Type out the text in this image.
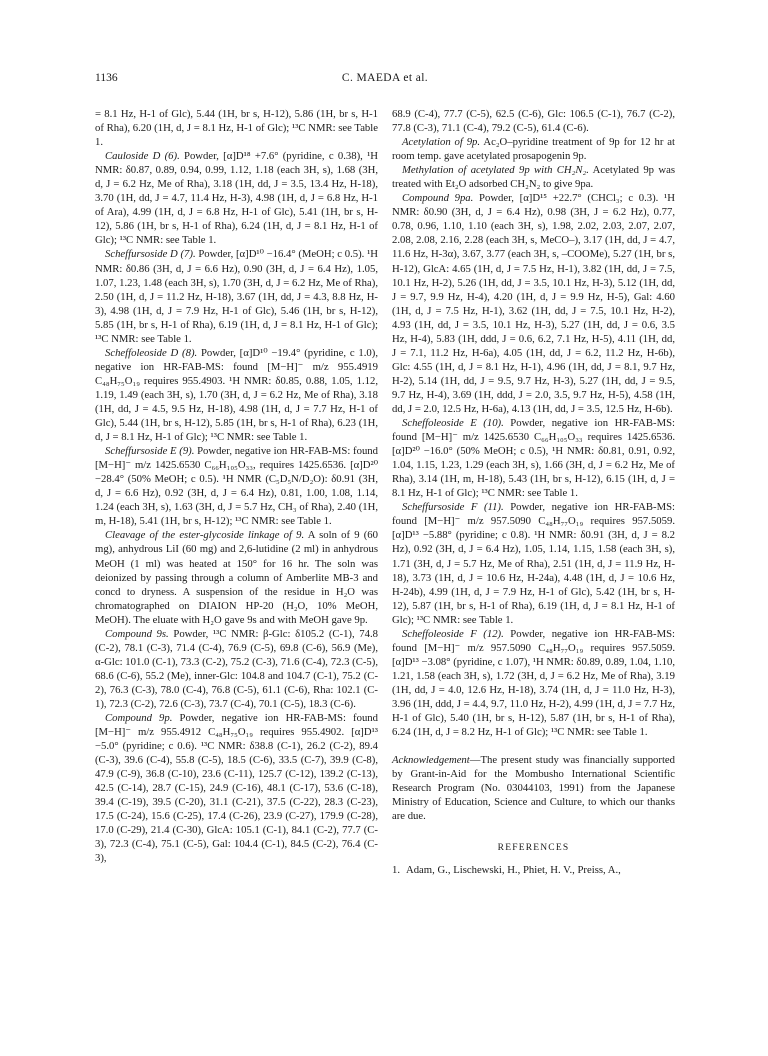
1136	C. MAEDA et al.

= 8.1 Hz, H-1 of Glc), 5.44 (1H, br s, H-12), 5.86 (1H, br s, H-1 of Rha), 6.20 (1H, d, J = 8.1 Hz, H-1 of Glc); ¹³C NMR: see Table 1.

Cauloside D (6). Powder, [α]D¹⁸ +7.6° (pyridine, c 0.38), ¹H NMR: δ0.87, 0.89, 0.94, 0.99, 1.12, 1.18 (each 3H, s), 1.68 (3H, d, J = 6.2 Hz, Me of Rha), 3.18 (1H, dd, J = 3.5, 13.4 Hz, H-18), 3.70 (1H, dd, J = 4.7, 11.4 Hz, H-3), 4.98 (1H, d, J = 6.8 Hz, H-1 of Ara), 4.99 (1H, d, J = 6.8 Hz, H-1 of Glc), 5.41 (1H, br s, H-12), 5.86 (1H, br s, H-1 of Rha), 6.24 (1H, d, J = 8.1 Hz, H-1 of Glc); ¹³C NMR: see Table 1.

Scheffursoside D (7). Powder, [α]D¹⁰ −16.4° (MeOH; c 0.5). ¹H NMR: δ0.86 (3H, d, J = 6.6 Hz), 0.90 (3H, d, J = 6.4 Hz), 1.05, 1.07, 1.23, 1.48 (each 3H, s), 1.70 (3H, d, J = 6.2 Hz, Me of Rha), 2.50 (1H, d, J = 11.2 Hz, H-18), 3.67 (1H, dd, J = 4.3, 8.8 Hz, H-3), 4.98 (1H, d, J = 7.9 Hz, H-1 of Glc), 5.46 (1H, br s, H-12), 5.85 (1H, br s, H-1 of Rha), 6.19 (1H, d, J = 8.1 Hz, H-1 of Glc); ¹³C NMR: see Table 1.

Scheffoleoside D (8). Powder, [α]D¹⁰ −19.4° (pyridine, c 1.0), negative ion HR-FAB-MS: found [M−H]⁻ m/z 955.4919 C₄₈H₇₅O₁₉ requires 955.4903. ¹H NMR: δ0.85, 0.88, 1.05, 1.12, 1.19, 1.49 (each 3H, s), 1.70 (3H, d, J = 6.2 Hz, Me of Rha), 3.18 (1H, dd, J = 4.5, 9.5 Hz, H-18), 4.98 (1H, d, J = 7.7 Hz, H-1 of Glc), 5.44 (1H, br s, H-12), 5.85 (1H, br s, H-1 of Rha), 6.23 (1H, d, J = 8.1 Hz, H-1 of Glc); ¹³C NMR: see Table 1.

Scheffursoside E (9). Powder, negative ion HR-FAB-MS: found [M−H]⁻ m/z 1425.6530 C₆₆H₁₀₅O₃₃, requires 1425.6536. [α]D²⁰ −28.4° (50% MeOH; c 0.5). ¹H NMR (C₅D₅N/D₂O): δ0.91 (3H, d, J = 6.6 Hz), 0.92 (3H, d, J = 6.4 Hz), 0.81, 1.00, 1.08, 1.14, 1.24 (each 3H, s), 1.63 (3H, d, J = 5.7 Hz, CH₃ of Rha), 2.40 (1H, m, H-18), 5.41 (1H, br s, H-12); ¹³C NMR: see Table 1.

Cleavage of the ester-glycoside linkage of 9. A soln of 9 (60 mg), anhydrous LiI (60 mg) and 2,6-lutidine (2 ml) in anhydrous MeOH (1 ml) was heated at 150° for 16 hr. The soln was deionized by passing through a column of Amberlite MB-3 and concd to dryness. A suspension of the residue in H₂O was chromatographed on DIAION HP-20 (H₂O, 10% MeOH, MeOH). The eluate with H₂O gave 9s and with MeOH gave 9p.

Compound 9s. Powder, ¹³C NMR: β-Glc: δ105.2 (C-1), 74.8 (C-2), 78.1 (C-3), 71.4 (C-4), 76.9 (C-5), 69.8 (C-6), 56.9 (Me), α-Glc: 101.0 (C-1), 73.3 (C-2), 75.2 (C-3), 71.6 (C-4), 72.3 (C-5), 68.6 (C-6), 55.2 (Me), inner-Glc: 104.8 and 104.7 (C-1), 75.2 (C-2), 76.3 (C-3), 78.0 (C-4), 76.8 (C-5), 61.1 (C-6), Rha: 102.1 (C-1), 72.3 (C-2), 72.6 (C-3), 73.7 (C-4), 70.1 (C-5), 18.3 (C-6).

Compound 9p. Powder, negative ion HR-FAB-MS: found [M−H]⁻ m/z 955.4912 C₄₈H₇₅O₁₉ requires 955.4902. [α]D¹³ −5.0° (pyridine; c 0.6). ¹³C NMR: δ38.8 (C-1), 26.2 (C-2), 89.4 (C-3), 39.6 (C-4), 55.8 (C-5), 18.5 (C-6), 33.5 (C-7), 39.9 (C-8), 47.9 (C-9), 36.8 (C-10), 23.6 (C-11), 125.7 (C-12), 139.2 (C-13), 42.5 (C-14), 28.7 (C-15), 24.9 (C-16), 48.1 (C-17), 53.6 (C-18), 39.4 (C-19), 39.5 (C-20), 31.1 (C-21), 37.5 (C-22), 28.3 (C-23), 17.5 (C-24), 15.6 (C-25), 17.4 (C-26), 23.9 (C-27), 179.9 (C-28), 17.0 (C-29), 21.4 (C-30), GlcA: 105.1 (C-1), 84.1 (C-2), 77.7 (C-3), 72.3 (C-4), 75.1 (C-5), Gal: 104.4 (C-1), 84.5 (C-2), 76.4 (C-3),

68.9 (C-4), 77.7 (C-5), 62.5 (C-6), Glc: 106.5 (C-1), 76.7 (C-2), 77.8 (C-3), 71.1 (C-4), 79.2 (C-5), 61.4 (C-6).

Acetylation of 9p. Ac₂O–pyridine treatment of 9p for 12 hr at room temp. gave acetylated prosapogenin 9p.

Methylation of acetylated 9p with CH₂N₂. Acetylated 9p was treated with Et₂O adsorbed CH₂N₂ to give 9pa.

Compound 9pa. Powder, [α]D¹⁵ +22.7° (CHCl₃; c 0.3). ¹H NMR: δ0.90 (3H, d, J = 6.4 Hz), 0.98 (3H, J = 6.2 Hz), 0.77, 0.78, 0.96, 1.10, 1.10 (each 3H, s), 1.98, 2.02, 2.03, 2.07, 2.07, 2.08, 2.08, 2.16, 2.28 (each 3H, s, MeCO–), 3.17 (1H, dd, J = 4.7, 11.6 Hz, H-3α), 3.67, 3.77 (each 3H, s, –COOMe), 5.27 (1H, br s, H-12), GlcA: 4.65 (1H, d, J = 7.5 Hz, H-1), 3.82 (1H, dd, J = 7.5, 10.1 Hz, H-2), 5.26 (1H, dd, J = 3.5, 10.1 Hz, H-3), 5.12 (1H, dd, J = 9.7, 9.9 Hz, H-4), 4.20 (1H, d, J = 9.9 Hz, H-5), Gal: 4.60 (1H, d, J = 7.5 Hz, H-1), 3.62 (1H, dd, J = 7.5, 10.1 Hz, H-2), 4.93 (1H, dd, J = 3.5, 10.1 Hz, H-3), 5.27 (1H, dd, J = 0.6, 3.5 Hz, H-4), 5.83 (1H, ddd, J = 0.6, 6.2, 7.1 Hz, H-5), 4.11 (1H, dd, J = 7.1, 11.2 Hz, H-6a), 4.05 (1H, dd, J = 6.2, 11.2 Hz, H-6b), Glc: 4.55 (1H, d, J = 8.1 Hz, H-1), 4.96 (1H, dd, J = 8.1, 9.7 Hz, H-2), 5.14 (1H, dd, J = 9.5, 9.7 Hz, H-3), 5.27 (1H, dd, J = 9.5, 9.7 Hz, H-4), 3.69 (1H, ddd, J = 2.0, 3.5, 9.7 Hz, H-5), 4.58 (1H, dd, J = 2.0, 12.5 Hz, H-6a), 4.13 (1H, dd, J = 3.5, 12.5 Hz, H-6b).

Scheffoleoside E (10). Powder, negative ion HR-FAB-MS: found [M−H]⁻ m/z 1425.6530 C₆₆H₁₀₅O₃₃ requires 1425.6536. [α]D²⁰ −16.0° (50% MeOH; c 0.5), ¹H NMR: δ0.81, 0.91, 0.92, 1.04, 1.15, 1.23, 1.29 (each 3H, s), 1.66 (3H, d, J = 6.2 Hz, Me of Rha), 3.14 (1H, m, H-18), 5.43 (1H, br s, H-12), 6.15 (1H, d, J = 8.1 Hz, H-1 of Glc); ¹³C NMR: see Table 1.

Scheffursoside F (11). Powder, negative ion HR-FAB-MS: found [M−H]⁻ m/z 957.5090 C₄₈H₇₇O₁₉ requires 957.5059. [α]D¹³ −5.88° (pyridine; c 0.8). ¹H NMR: δ0.91 (3H, d, J = 8.2 Hz), 0.92 (3H, d, J = 6.4 Hz), 1.05, 1.14, 1.15, 1.58 (each 3H, s), 1.71 (3H, d, J = 5.7 Hz, Me of Rha), 2.51 (1H, d, J = 11.9 Hz, H-18), 3.73 (1H, d, J = 10.6 Hz, H-24a), 4.48 (1H, d, J = 10.6 Hz, H-24b), 4.99 (1H, d, J = 7.9 Hz, H-1 of Glc), 5.42 (1H, br s, H-12), 5.87 (1H, br s, H-1 of Rha), 6.19 (1H, d, J = 8.1 Hz, H-1 of Glc); ¹³C NMR: see Table 1.

Scheffoleoside F (12). Powder, negative ion HR-FAB-MS: found [M−H]⁻ m/z 957.5090 C₄₈H₇₇O₁₉ requires 957.5059. [α]D¹³ −3.08° (pyridine, c 1.07), ¹H NMR: δ0.89, 0.89, 1.04, 1.10, 1.21, 1.58 (each 3H, s), 1.72 (3H, d, J = 6.2 Hz, Me of Rha), 3.19 (1H, dd, J = 4.0, 12.6 Hz, H-18), 3.74 (1H, d, J = 11.0 Hz, H-3), 3.96 (1H, ddd, J = 4.4, 9.7, 11.0 Hz, H-2), 4.99 (1H, d, J = 7.7 Hz, H-1 of Glc), 5.40 (1H, br s, H-12), 5.87 (1H, br s, H-1 of Rha), 6.24 (1H, d, J = 8.2 Hz, H-1 of Glc); ¹³C NMR: see Table 1.

Acknowledgement—The present study was financially supported by Grant-in-Aid for the Mombusho International Scientific Research Program (No. 03044103, 1991) from the Japanese Ministry of Education, Science and Culture, to which our thanks are due.

REFERENCES

1. Adam, G., Lischewski, H., Phiet, H. V., Preiss, A.,
